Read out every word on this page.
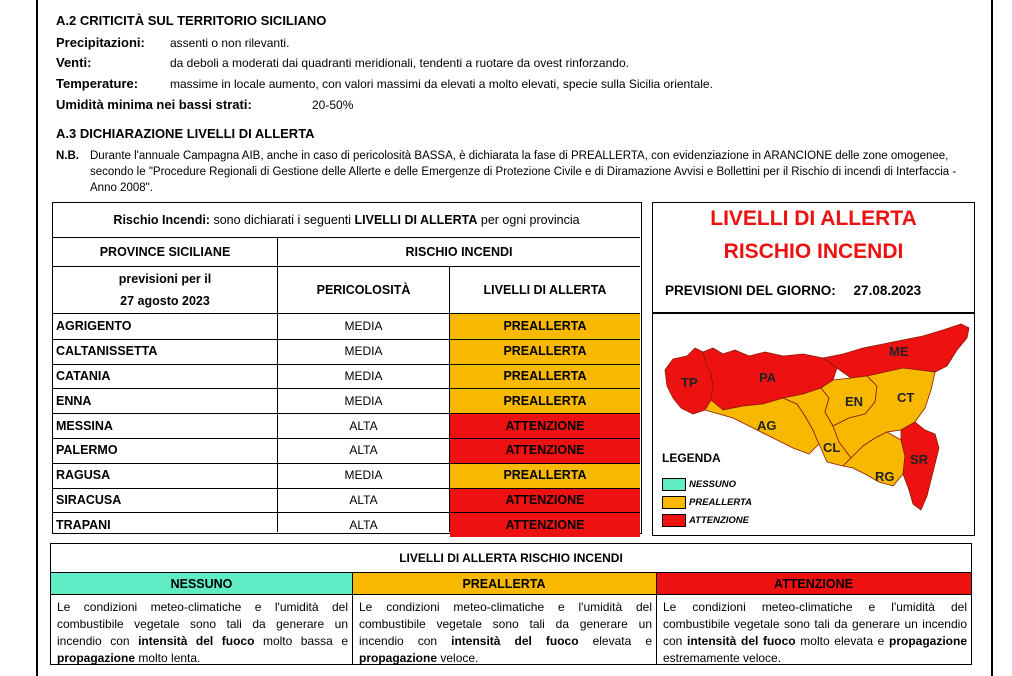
A.2 CRITICITÀ SUL TERRITORIO SICILIANO
Precipitazioni: assenti o non rilevanti.
Venti:	da deboli a moderati dai quadranti meridionali, tendenti a ruotare da ovest rinforzando.
Temperature:	massime in locale aumento, con valori massimi da elevati a molto elevati, specie sulla Sicilia orientale.
Umidità minima nei bassi strati:	20-50%
A.3 DICHIARAZIONE LIVELLI DI ALLERTA
N.B. Durante l'annuale Campagna AIB, anche in caso di pericolosità BASSA, è dichiarata la fase di PREALLERTA, con evidenziazione in ARANCIONE delle zone omogenee, secondo le "Procedure Regionali di Gestione delle Allerte e delle Emergenze di Protezione Civile e di Diramazione Avvisi e Bollettini per il Rischio di incendi di Interfaccia - Anno 2008".
Rischio Incendi: sono dichiarati i seguenti LIVELLI DI ALLERTA per ogni provincia
PROVINCE SICILIANE	RISCHIO INCENDI
previsioni per il
27 agosto 2023
PERICOLOSITÀ	LIVELLI DI ALLERTA
AGRIGENTO	MEDIA	PREALLERTA
CALTANISSETTA	MEDIA	PREALLERTA
CATANIA	MEDIA	PREALLERTA
ENNA	MEDIA	PREALLERTA
MESSINA	ALTA	ATTENZIONE
PALERMO	ALTA	ATTENZIONE
RAGUSA	MEDIA	PREALLERTA
SIRACUSA	ALTA	ATTENZIONE
TRAPANI	ALTA	ATTENZIONE
LIVELLI DI ALLERTA
RISCHIO INCENDI
PREVISIONI DEL GIORNO: 27.08.2023
TP	PA
ME
AG
CL
EN	CT
RG
SR
LEGENDA
NESSUNO
PREALLERTA
ATTENZIONE
LIVELLI DI ALLERTA RISCHIO INCENDI
NESSUNO	PREALLERTA	ATTENZIONE
Le condizioni meteo-climatiche e l'umidità del combustibile vegetale sono tali da generare un incendio con intensità del fuoco molto bassa e propagazione molto lenta.
Le condizioni meteo-climatiche e l'umidità del combustibile vegetale sono tali da generare un incendio con intensità del fuoco elevata e propagazione veloce.
Le condizioni meteo-climatiche e l'umidità del combustibile vegetale sono tali da generare un incendio con intensità del fuoco molto elevata e propagazione estremamente veloce.
